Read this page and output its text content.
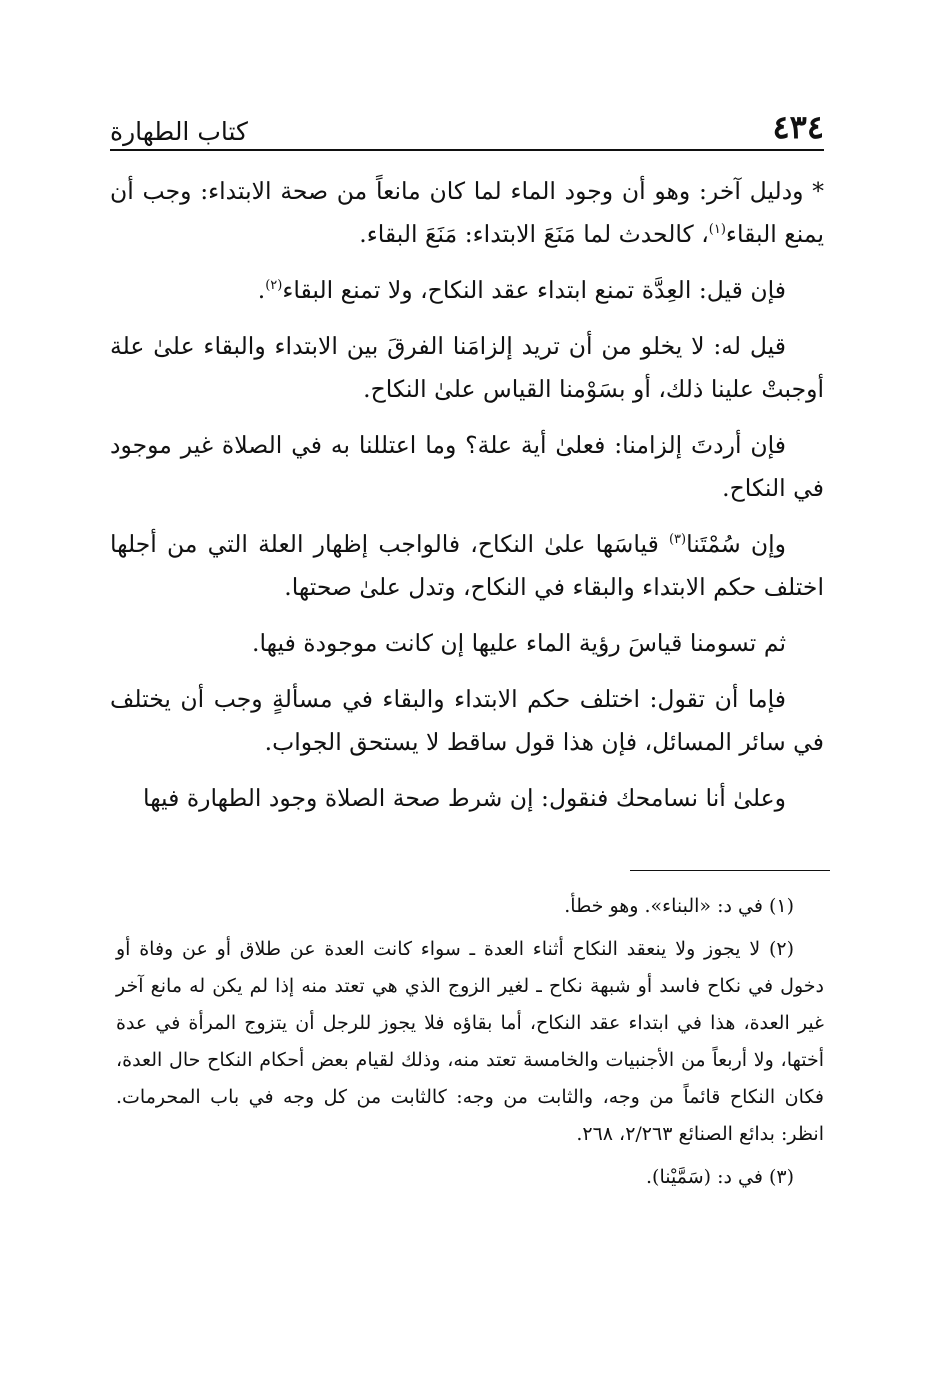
٤٣٤
كتاب الطهارة

* ودليل آخر: وهو أن وجود الماء لما كان مانعاً من صحة الابتداء: وجب أن يمنع البقاء$^{(١)}$، كالحدث لما مَنَعَ الابتداء: مَنَعَ البقاء.

فإن قيل: العِدَّة تمنع ابتداء عقد النكاح، ولا تمنع البقاء$^{(٢)}$.

قيل له: لا يخلو من أن تريد إلزامَنا الفرقَ بين الابتداء والبقاء علىٰ علة أوجبتْ علينا ذلك، أو بسَوْمنا القياس علىٰ النكاح.

فإن أردتَ إلزامنا: فعلىٰ أية علة؟ وما اعتللنا به في الصلاة غير موجود في النكاح.

وإن سُمْتَنا$^{(٣)}$ قياسَها علىٰ النكاح، فالواجب إظهار العلة التي من أجلها اختلف حكم الابتداء والبقاء في النكاح، وتدل علىٰ صحتها.

ثم تسومنا قياسَ رؤية الماء عليها إن كانت موجودة فيها.

فإما أن تقول: اختلف حكم الابتداء والبقاء في مسألةٍ وجب أن يختلف في سائر المسائل، فإن هذا قول ساقط لا يستحق الجواب.

وعلىٰ أنا نسامحك فنقول: إن شرط صحة الصلاة وجود الطهارة فيها

(١) في د: «البناء». وهو خطأ.

(٢) لا يجوز ولا ينعقد النكاح أثناء العدة ـ سواء كانت العدة عن طلاق أو عن وفاة أو دخول في نكاح فاسد أو شبهة نكاح ـ لغير الزوج الذي هي تعتد منه إذا لم يكن له مانع آخر غير العدة، هذا في ابتداء عقد النكاح، أما بقاؤه فلا يجوز للرجل أن يتزوج المرأة في عدة أختها، ولا أربعاً من الأجنبيات والخامسة تعتد منه، وذلك لقيام بعض أحكام النكاح حال العدة، فكان النكاح قائماً من وجه، والثابت من وجه: كالثابت من كل وجه في باب المحرمات. انظر: بدائع الصنائع ٢/٢٦٣، ٢٦٨.

(٣) في د: (سَمَّيْنا).
